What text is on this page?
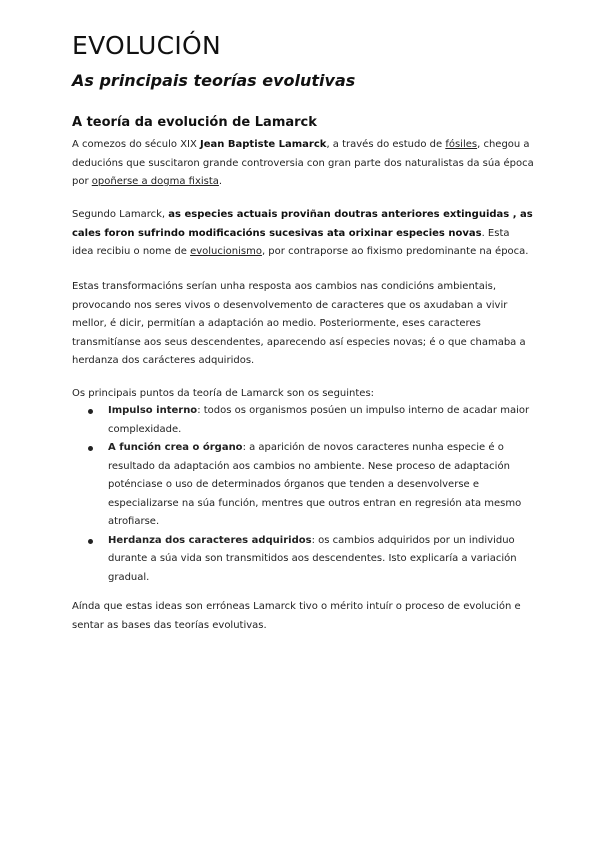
EVOLUCIÓN
As principais teorías evolutivas
A teoría da evolución de Lamarck

A comezos do século XIX Jean Baptiste Lamarck, a través do estudo de fósiles, chegou a deducións que suscitaron grande controversia con gran parte dos naturalistas da súa época por opoñerse a dogma fixista.

Segundo Lamarck, as especies actuais proviñan doutras anteriores extinguidas , as cales foron sufrindo modificacións sucesivas ata orixinar especies novas. Esta idea recibiu o nome de evolucionismo, por contraporse ao fixismo predominante na época.

Estas transformacións serían unha resposta aos cambios nas condicións ambientais, provocando nos seres vivos o desenvolvemento de caracteres que os axudaban a vivir mellor, é dicir, permitían a adaptación ao medio. Posteriormente, eses caracteres transmitíanse aos seus descendentes, aparecendo así especies novas; é o que chamaba a herdanza dos carácteres adquiridos.

Os principais puntos da teoría de Lamarck son os seguintes:

Impulso interno: todos os organismos posúen un impulso interno de acadar maior complexidade.
A función crea o órgano: a aparición de novos caracteres nunha especie é o resultado da adaptación aos cambios no ambiente. Nese proceso de adaptación poténciase o uso de determinados órganos que tenden a desenvolverse e especializarse na súa función, mentres que outros entran en regresión ata mesmo atrofiarse.
Herdanza dos caracteres adquiridos: os cambios adquiridos por un individuo durante a súa vida son transmitidos aos descendentes. Isto explicaría a variación gradual.

Aínda que estas ideas son erróneas Lamarck tivo o mérito intuír o proceso de evolución e sentar as bases das teorías evolutivas.
